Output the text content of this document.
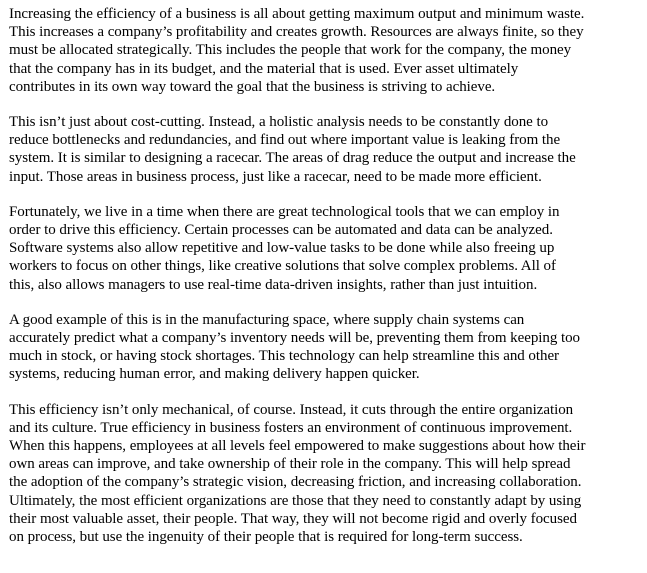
Increasing the efficiency of a business is all about getting maximum output and minimum waste.
This increases a company’s profitability and creates growth. Resources are always finite, so they
must be allocated strategically. This includes the people that work for the company, the money
that the company has in its budget, and the material that is used. Ever asset ultimately
contributes in its own way toward the goal that the business is striving to achieve.
This isn’t just about cost-cutting. Instead, a holistic analysis needs to be constantly done to
reduce bottlenecks and redundancies, and find out where important value is leaking from the
system. It is similar to designing a racecar. The areas of drag reduce the output and increase the
input. Those areas in business process, just like a racecar, need to be made more efficient.
Fortunately, we live in a time when there are great technological tools that we can employ in
order to drive this efficiency. Certain processes can be automated and data can be analyzed.
Software systems also allow repetitive and low-value tasks to be done while also freeing up
workers to focus on other things, like creative solutions that solve complex problems. All of
this, also allows managers to use real-time data-driven insights, rather than just intuition.
A good example of this is in the manufacturing space, where supply chain systems can
accurately predict what a company’s inventory needs will be, preventing them from keeping too
much in stock, or having stock shortages. This technology can help streamline this and other
systems, reducing human error, and making delivery happen quicker.
This efficiency isn’t only mechanical, of course. Instead, it cuts through the entire organization
and its culture. True efficiency in business fosters an environment of continuous improvement.
When this happens, employees at all levels feel empowered to make suggestions about how their
own areas can improve, and take ownership of their role in the company. This will help spread
the adoption of the company’s strategic vision, decreasing friction, and increasing collaboration.
Ultimately, the most efficient organizations are those that they need to constantly adapt by using
their most valuable asset, their people. That way, they will not become rigid and overly focused
on process, but use the ingenuity of their people that is required for long-term success.
